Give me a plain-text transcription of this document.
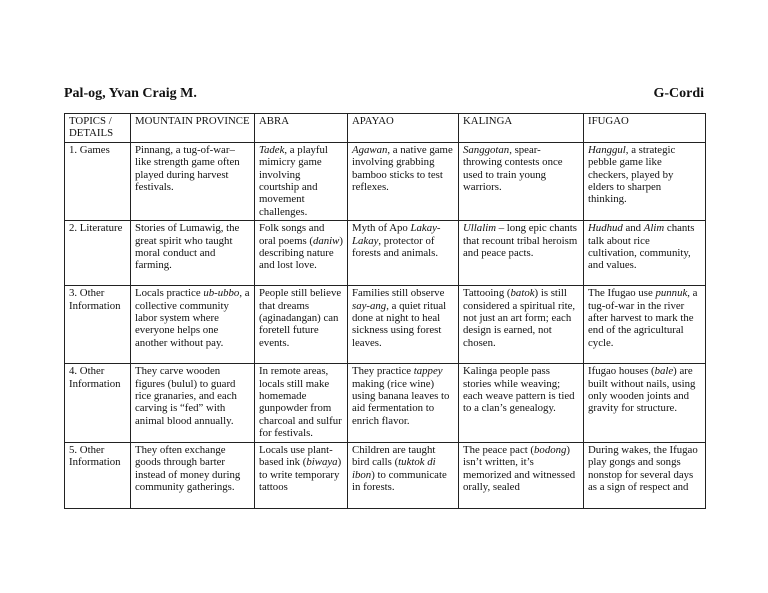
Pal-og, Yvan Craig M.	G-Cordi
TOPICS / DETAILS	MOUNTAIN PROVINCE	ABRA	APAYAO	KALINGA	IFUGAO
1. Games	Pinnang, a tug-of-war–like strength game often played during harvest festivals.	Tadek, a playful mimicry game involving courtship and movement challenges.	Agawan, a native game involving grabbing bamboo sticks to test reflexes.	Sanggotan, spear-throwing contests once used to train young warriors.	Hanggul, a strategic pebble game like checkers, played by elders to sharpen thinking.
2. Literature	Stories of Lumawig, the great spirit who taught moral conduct and farming.	Folk songs and oral poems (daniw) describing nature and lost love.	Myth of Apo Lakay-Lakay, protector of forests and animals.	Ullalim – long epic chants that recount tribal heroism and peace pacts.	Hudhud and Alim chants talk about rice cultivation, community, and values.
3. Other Information	Locals practice ub-ubbo, a collective community labor system where everyone helps one another without pay.	People still believe that dreams (aginadangan) can foretell future events.	Families still observe say-ang, a quiet ritual done at night to heal sickness using forest leaves.	Tattooing (batok) is still considered a spiritual rite, not just an art form; each design is earned, not chosen.	The Ifugao use punnuk, a tug-of-war in the river after harvest to mark the end of the agricultural cycle.
4. Other Information	They carve wooden figures (bulul) to guard rice granaries, and each carving is “fed” with animal blood annually.	In remote areas, locals still make homemade gunpowder from charcoal and sulfur for festivals.	They practice tappey making (rice wine) using banana leaves to aid fermentation to enrich flavor.	Kalinga people pass stories while weaving; each weave pattern is tied to a clan’s genealogy.	Ifugao houses (bale) are built without nails, using only wooden joints and gravity for structure.
5. Other Information	They often exchange goods through barter instead of money during community gatherings.	Locals use plant-based ink (biwaya) to write temporary tattoos	Children are taught bird calls (tuktok di ibon) to communicate in forests.	The peace pact (bodong) isn’t written, it’s memorized and witnessed orally, sealed	During wakes, the Ifugao play gongs and songs nonstop for several days as a sign of respect and
